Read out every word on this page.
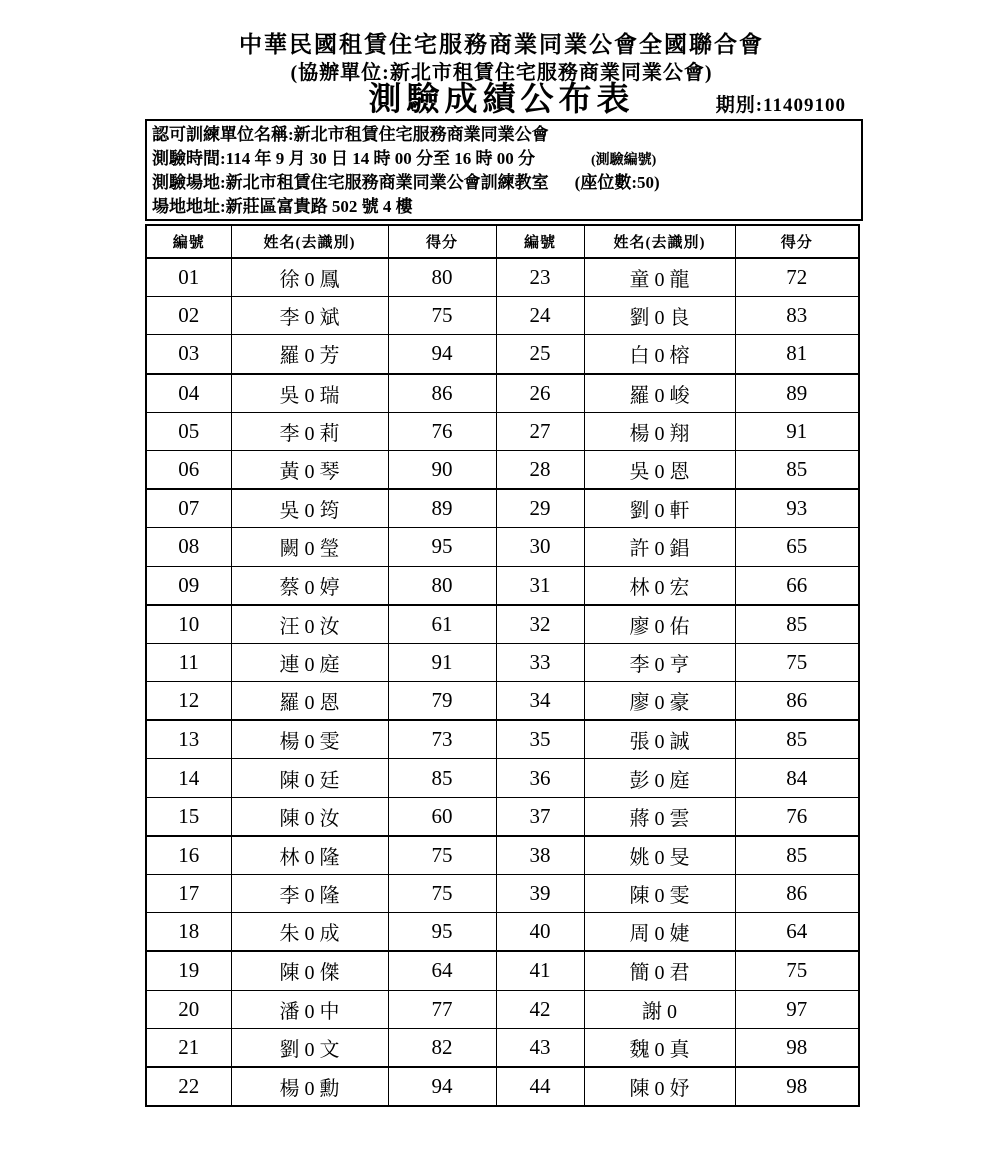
中華民國租賃住宅服務商業同業公會全國聯合會
(協辦單位:新北市租賃住宅服務商業同業公會)
測驗成績公布表	期別:11409100
認可訓練單位名稱:新北市租賃住宅服務商業同業公會
測驗時間:114 年 9 月 30 日 14 時 00 分至 16 時 00 分	(測驗編號)
測驗場地:新北市租賃住宅服務商業同業公會訓練教室 (座位數:50)
場地地址:新莊區富貴路 502 號 4 樓
編號	姓名(去識別)	得分	編號	姓名(去識別)	得分
01	徐 0 鳳	80	23	童 0 龍	72
02	李 0 斌	75	24	劉 0 良	83
03	羅 0 芳	94	25	白 0 榕	81
04	吳 0 瑞	86	26	羅 0 峻	89
05	李 0 莉	76	27	楊 0 翔	91
06	黃 0 琴	90	28	吳 0 恩	85
07	吳 0 筠	89	29	劉 0 軒	93
08	闕 0 瑩	95	30	許 0 錩	65
09	蔡 0 婷	80	31	林 0 宏	66
10	汪 0 汝	61	32	廖 0 佑	85
11	連 0 庭	91	33	李 0 亨	75
12	羅 0 恩	79	34	廖 0 豪	86
13	楊 0 雯	73	35	張 0 誠	85
14	陳 0 廷	85	36	彭 0 庭	84
15	陳 0 汝	60	37	蔣 0 雲	76
16	林 0 隆	75	38	姚 0 旻	85
17	李 0 隆	75	39	陳 0 雯	86
18	朱 0 成	95	40	周 0 婕	64
19	陳 0 傑	64	41	簡 0 君	75
20	潘 0 中	77	42	謝 0	97
21	劉 0 文	82	43	魏 0 真	98
22	楊 0 勳	94	44	陳 0 妤	98
